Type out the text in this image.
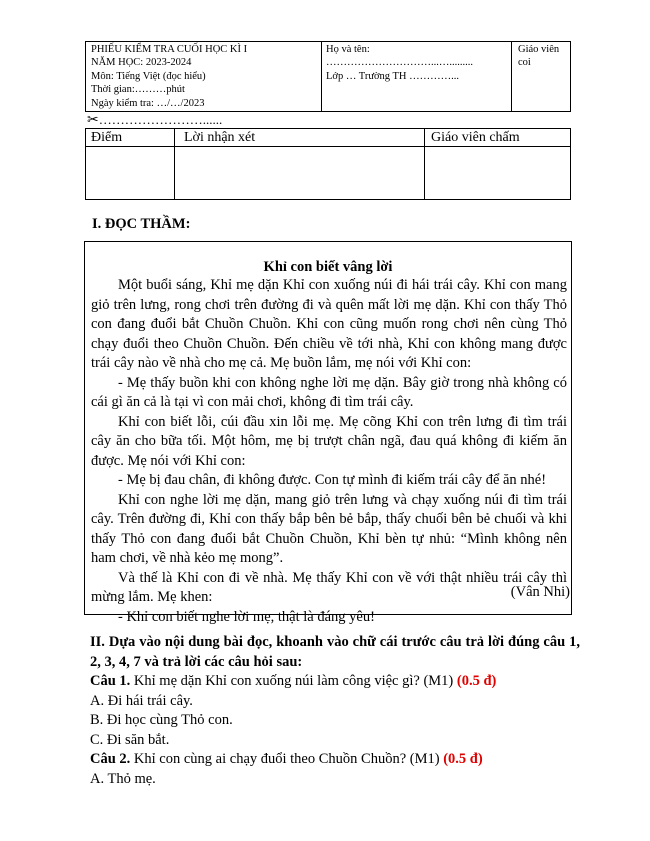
PHIẾU KIỂM TRA CUỐI HỌC KÌ I
NĂM HỌC: 2023-2024
Môn: Tiếng Việt (đọc hiểu)
Thời gian:………phút
Ngày kiểm tra: …/…/2023
Họ và tên:
…………………………...….........
Lớp … Trường TH …………...
Giáo viên coi
✂……………………......
Điểm	Lời nhận xét	Giáo viên chấm
I. ĐỌC THẦM:
Khỉ con biết vâng lời

Một buổi sáng, Khỉ mẹ dặn Khỉ con xuống núi đi hái trái cây. Khỉ con mang giỏ trên lưng, rong chơi trên đường đi và quên mất lời mẹ dặn. Khỉ con thấy Thỏ con đang đuổi bắt Chuồn Chuồn. Khỉ con cũng muốn rong chơi nên cùng Thỏ chạy đuổi theo Chuồn Chuồn. Đến chiều về tới nhà, Khỉ con không mang được trái cây nào về nhà cho mẹ cả. Mẹ buồn lắm, mẹ nói với Khỉ con:

- Mẹ thấy buồn khi con không nghe lời mẹ dặn. Bây giờ trong nhà không có cái gì ăn cả là tại vì con mải chơi, không đi tìm trái cây.

Khỉ con biết lỗi, cúi đầu xin lỗi mẹ. Mẹ cõng Khỉ con trên lưng đi tìm trái cây ăn cho bữa tối. Một hôm, mẹ bị trượt chân ngã, đau quá không đi kiếm ăn được. Mẹ nói với Khỉ con:

- Mẹ bị đau chân, đi không được. Con tự mình đi kiếm trái cây để ăn nhé!

Khỉ con nghe lời mẹ dặn, mang giỏ trên lưng và chạy xuống núi đi tìm trái cây. Trên đường đi, Khỉ con thấy bắp bên bẻ bắp, thấy chuối bên bẻ chuối và khi thấy Thỏ con đang đuổi bắt Chuồn Chuồn, Khỉ bèn tự nhủ: “Mình không nên ham chơi, về nhà kẻo mẹ mong”.

Và thế là Khỉ con đi về nhà. Mẹ thấy Khỉ con về với thật nhiều trái cây thì mừng lắm. Mẹ khen:

- Khỉ con biết nghe lời mẹ, thật là đáng yêu!

(Vân Nhi)

II. Dựa vào nội dung bài đọc, khoanh vào chữ cái trước câu trả lời đúng câu 1, 2, 3, 4, 7 và trả lời các câu hỏi sau:

Câu 1. Khỉ mẹ dặn Khỉ con xuống núi làm công việc gì? (M1) (0.5 đ)

A. Đi hái trái cây.

B. Đi học cùng Thỏ con.

C. Đi săn bắt.

Câu 2. Khỉ con cùng ai chạy đuổi theo Chuồn Chuồn? (M1) (0.5 đ)

A. Thỏ mẹ.
